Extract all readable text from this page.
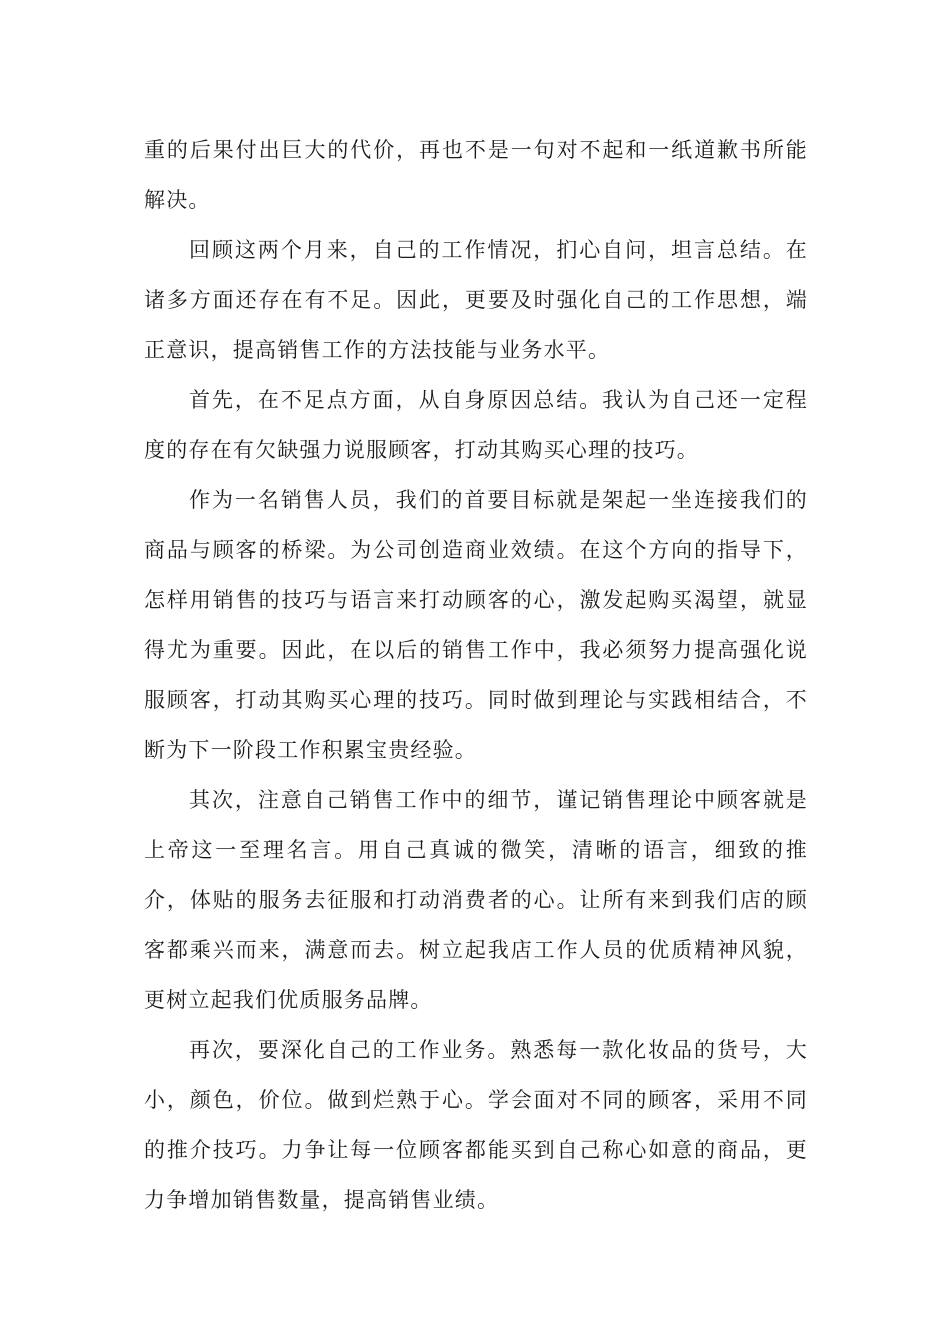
重的后果付出巨大的代价，再也不是一句对不起和一纸道歉书所能解决。

回顾这两个月来，自己的工作情况，扪心自问，坦言总结。在诸多方面还存在有不足。因此，更要及时强化自己的工作思想，端正意识，提高销售工作的方法技能与业务水平。

首先，在不足点方面，从自身原因总结。我认为自己还一定程度的存在有欠缺强力说服顾客，打动其购买心理的技巧。

作为一名销售人员，我们的首要目标就是架起一坐连接我们的商品与顾客的桥梁。为公司创造商业效绩。在这个方向的指导下，怎样用销售的技巧与语言来打动顾客的心，激发起购买渴望，就显得尤为重要。因此，在以后的销售工作中，我必须努力提高强化说服顾客，打动其购买心理的技巧。同时做到理论与实践相结合，不断为下一阶段工作积累宝贵经验。

其次，注意自己销售工作中的细节，谨记销售理论中顾客就是上帝这一至理名言。用自己真诚的微笑，清晰的语言，细致的推介，体贴的服务去征服和打动消费者的心。让所有来到我们店的顾客都乘兴而来，满意而去。树立起我店工作人员的优质精神风貌，更树立起我们优质服务品牌。

再次，要深化自己的工作业务。熟悉每一款化妆品的货号，大小，颜色，价位。做到烂熟于心。学会面对不同的顾客，采用不同的推介技巧。力争让每一位顾客都能买到自己称心如意的商品，更力争增加销售数量，提高销售业绩。
